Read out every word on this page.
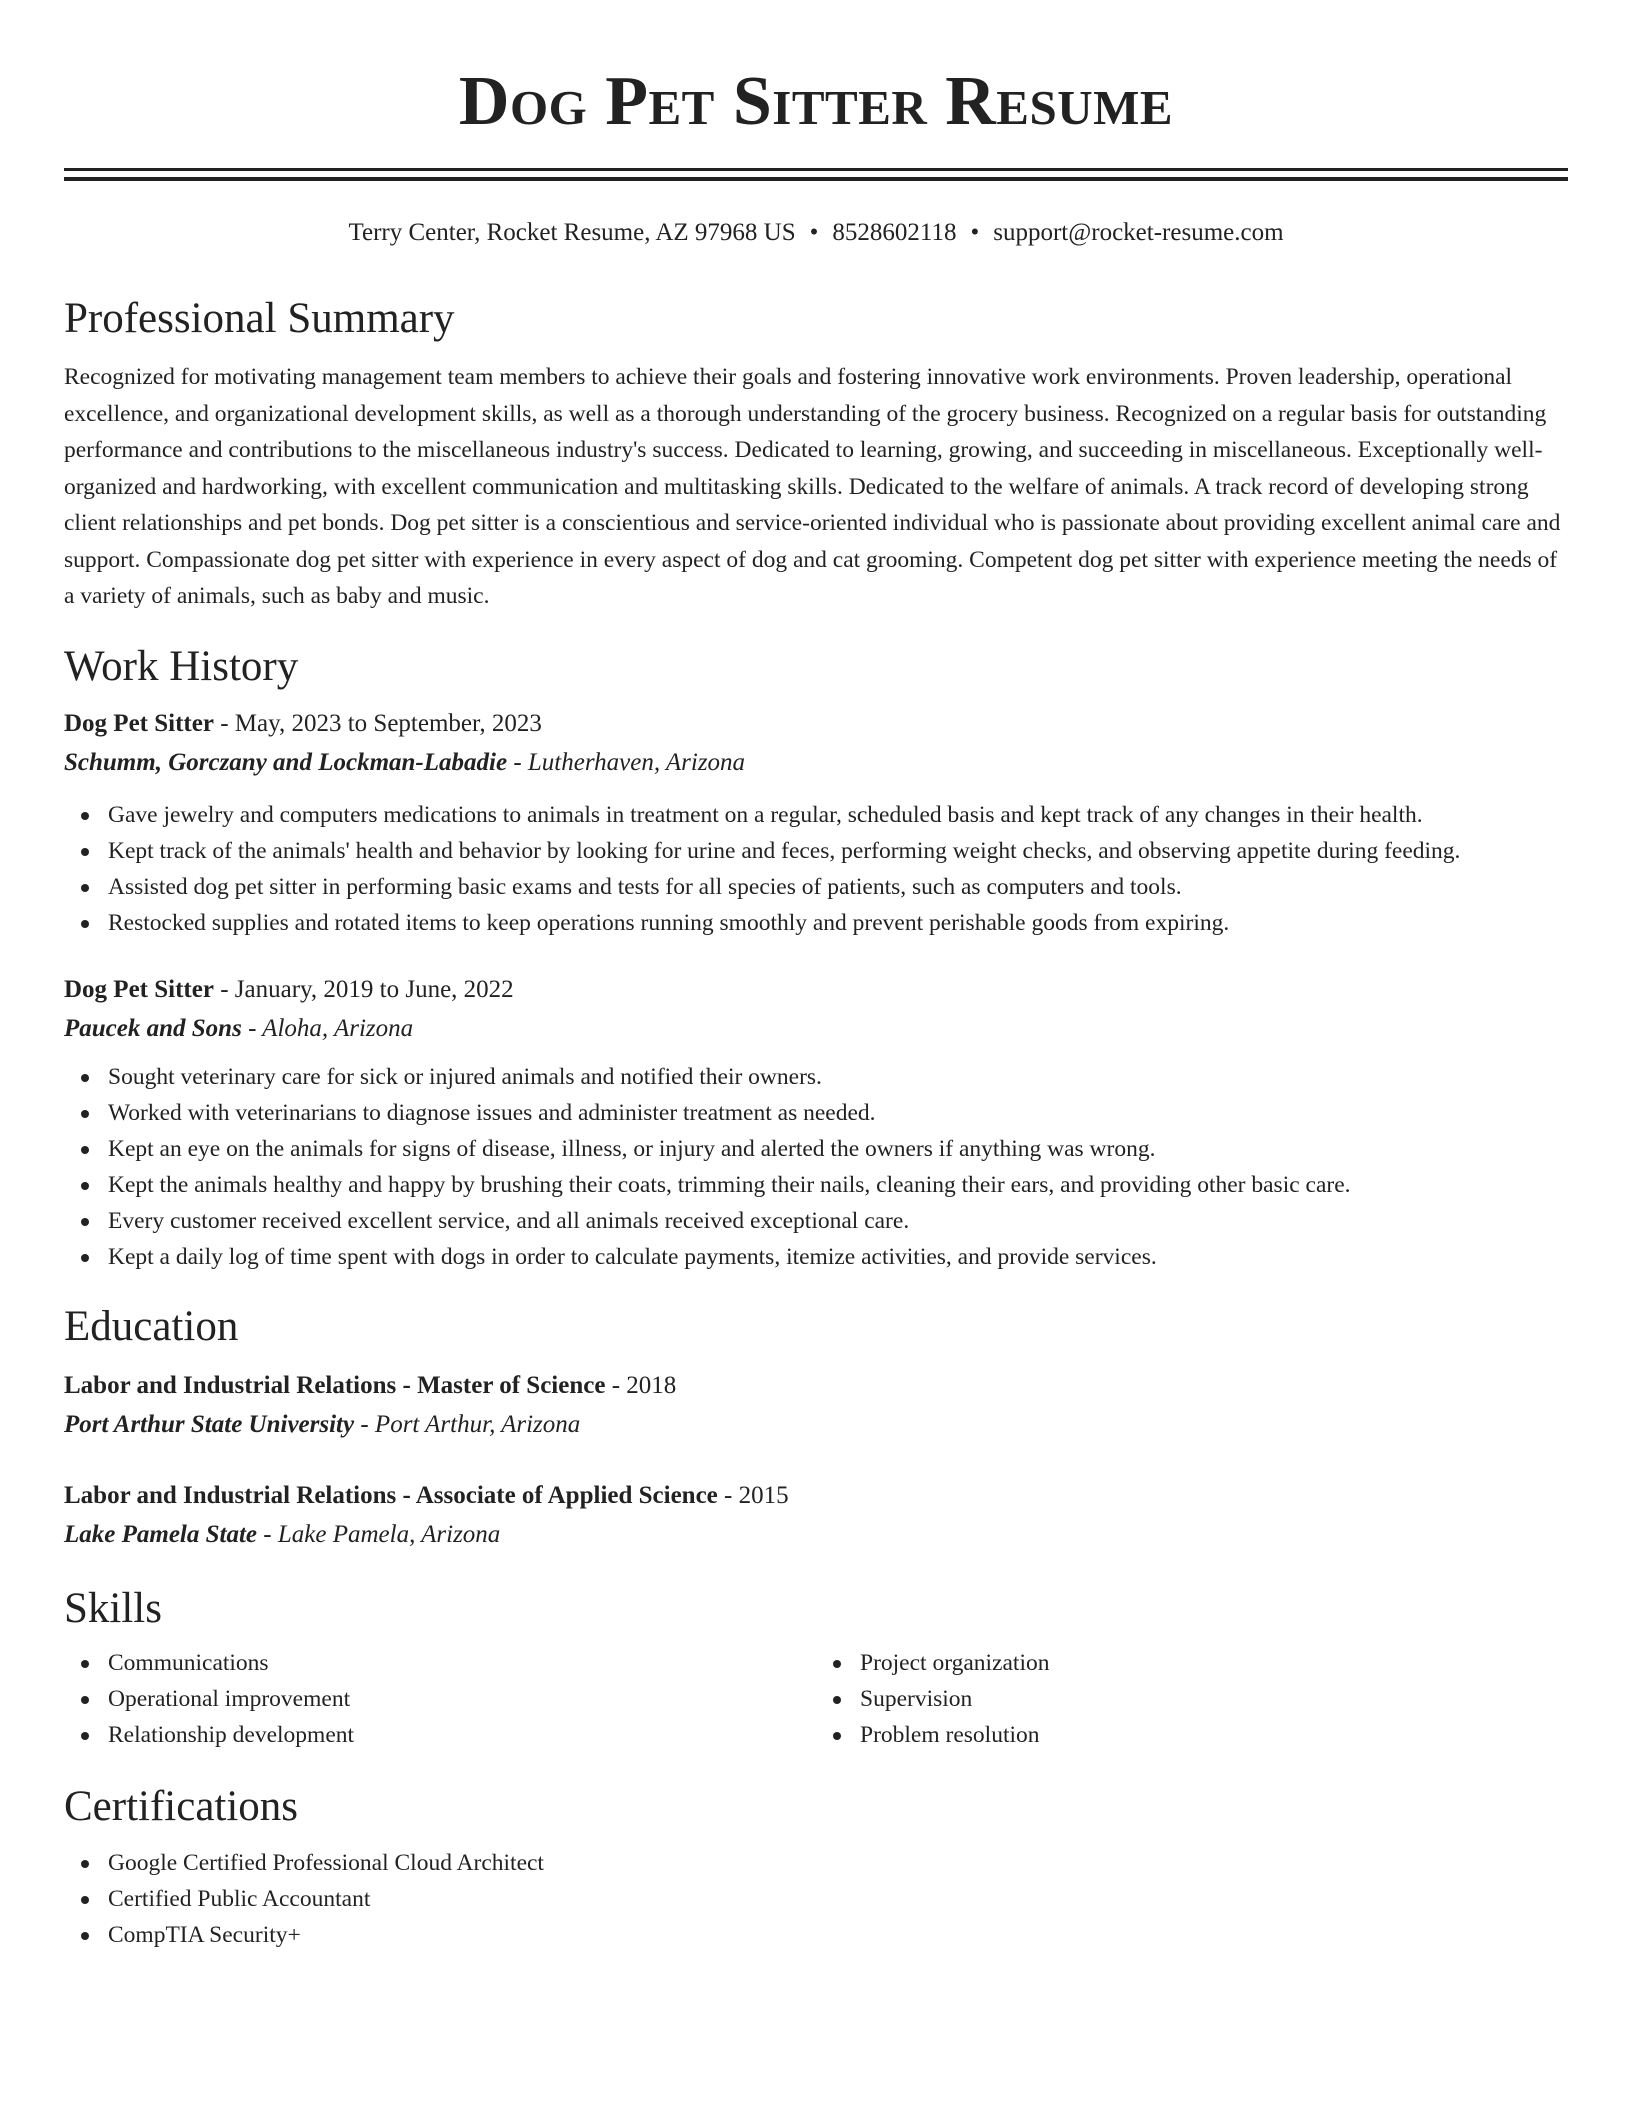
Dog Pet Sitter Resume
Terry Center, Rocket Resume, AZ 97968 US • 8528602118 • support@rocket-resume.com
Professional Summary
Recognized for motivating management team members to achieve their goals and fostering innovative work environments. Proven leadership, operational excellence, and organizational development skills, as well as a thorough understanding of the grocery business. Recognized on a regular basis for outstanding performance and contributions to the miscellaneous industry's success. Dedicated to learning, growing, and succeeding in miscellaneous. Exceptionally well-organized and hardworking, with excellent communication and multitasking skills. Dedicated to the welfare of animals. A track record of developing strong client relationships and pet bonds. Dog pet sitter is a conscientious and service-oriented individual who is passionate about providing excellent animal care and support. Compassionate dog pet sitter with experience in every aspect of dog and cat grooming. Competent dog pet sitter with experience meeting the needs of a variety of animals, such as baby and music.
Work History
Dog Pet Sitter - May, 2023 to September, 2023
Schumm, Gorczany and Lockman-Labadie - Lutherhaven, Arizona
Gave jewelry and computers medications to animals in treatment on a regular, scheduled basis and kept track of any changes in their health.
Kept track of the animals' health and behavior by looking for urine and feces, performing weight checks, and observing appetite during feeding.
Assisted dog pet sitter in performing basic exams and tests for all species of patients, such as computers and tools.
Restocked supplies and rotated items to keep operations running smoothly and prevent perishable goods from expiring.
Dog Pet Sitter - January, 2019 to June, 2022
Paucek and Sons - Aloha, Arizona
Sought veterinary care for sick or injured animals and notified their owners.
Worked with veterinarians to diagnose issues and administer treatment as needed.
Kept an eye on the animals for signs of disease, illness, or injury and alerted the owners if anything was wrong.
Kept the animals healthy and happy by brushing their coats, trimming their nails, cleaning their ears, and providing other basic care.
Every customer received excellent service, and all animals received exceptional care.
Kept a daily log of time spent with dogs in order to calculate payments, itemize activities, and provide services.
Education
Labor and Industrial Relations - Master of Science - 2018
Port Arthur State University - Port Arthur, Arizona
Labor and Industrial Relations - Associate of Applied Science - 2015
Lake Pamela State - Lake Pamela, Arizona
Skills
Communications
Operational improvement
Relationship development
Project organization
Supervision
Problem resolution
Certifications
Google Certified Professional Cloud Architect
Certified Public Accountant
CompTIA Security+
